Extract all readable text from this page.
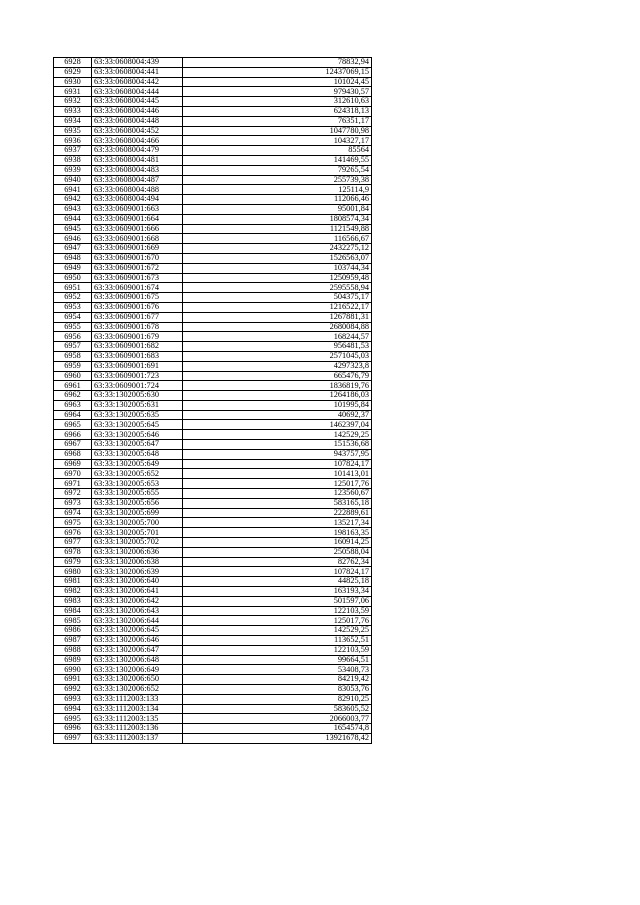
6928	63:33:0608004:439	78832,94
6929	63:33:0608004:441	12437069,15
6930	63:33:0608004:442	101024,45
6931	63:33:0608004:444	979430,57
6932	63:33:0608004:445	312610,63
6933	63:33:0608004:446	624318,13
6934	63:33:0608004:448	76351,17
6935	63:33:0608004:452	1047780,98
6936	63:33:0608004:466	104327,17
6937	63:33:0608004:479	85564
6938	63:33:0608004:481	141469,55
6939	63:33:0608004:483	79265,54
6940	63:33:0608004:487	255739,38
6941	63:33:0608004:488	125114,9
6942	63:33:0608004:494	112066,46
6943	63:33:0609001:663	95001,84
6944	63:33:0609001:664	1808574,34
6945	63:33:0609001:666	1121549,88
6946	63:33:0609001:668	116566,67
6947	63:33:0609001:669	2432275,12
6948	63:33:0609001:670	1526563,07
6949	63:33:0609001:672	103744,34
6950	63:33:0609001:673	1250959,48
6951	63:33:0609001:674	2595558,94
6952	63:33:0609001:675	504375,17
6953	63:33:0609001:676	1216522,17
6954	63:33:0609001:677	1267881,31
6955	63:33:0609001:678	2680084,88
6956	63:33:0609001:679	168244,57
6957	63:33:0609001:682	956481,53
6958	63:33:0609001:683	2571045,03
6959	63:33:0609001:691	4297323,8
6960	63:33:0609001:723	665476,79
6961	63:33:0609001:724	1836819,76
6962	63:33:1302005:630	1264186,03
6963	63:33:1302005:631	101995,84
6964	63:33:1302005:635	40692,37
6965	63:33:1302005:645	1462397,04
6966	63:33:1302005:646	142529,25
6967	63:33:1302005:647	151536,68
6968	63:33:1302005:648	943757,95
6969	63:33:1302005:649	107824,17
6970	63:33:1302005:652	101413,01
6971	63:33:1302005:653	125017,76
6972	63:33:1302005:655	123560,67
6973	63:33:1302005:656	583165,18
6974	63:33:1302005:699	222889,61
6975	63:33:1302005:700	135217,34
6976	63:33:1302005:701	198163,35
6977	63:33:1302005:702	160914,25
6978	63:33:1302006:636	250588,04
6979	63:33:1302006:638	82762,34
6980	63:33:1302006:639	107824,17
6981	63:33:1302006:640	44825,18
6982	63:33:1302006:641	163193,34
6983	63:33:1302006:642	501597,06
6984	63:33:1302006:643	122103,59
6985	63:33:1302006:644	125017,76
6986	63:33:1302006:645	142529,25
6987	63:33:1302006:646	113652,51
6988	63:33:1302006:647	122103,59
6989	63:33:1302006:648	99664,51
6990	63:33:1302006:649	53408,73
6991	63:33:1302006:650	84219,42
6992	63:33:1302006:652	83053,76
6993	63:33:1112003:133	82910,25
6994	63:33:1112003:134	583605,52
6995	63:33:1112003:135	2066003,77
6996	63:33:1112003:136	1654574,8
6997	63:33:1112003:137	13921678,42
